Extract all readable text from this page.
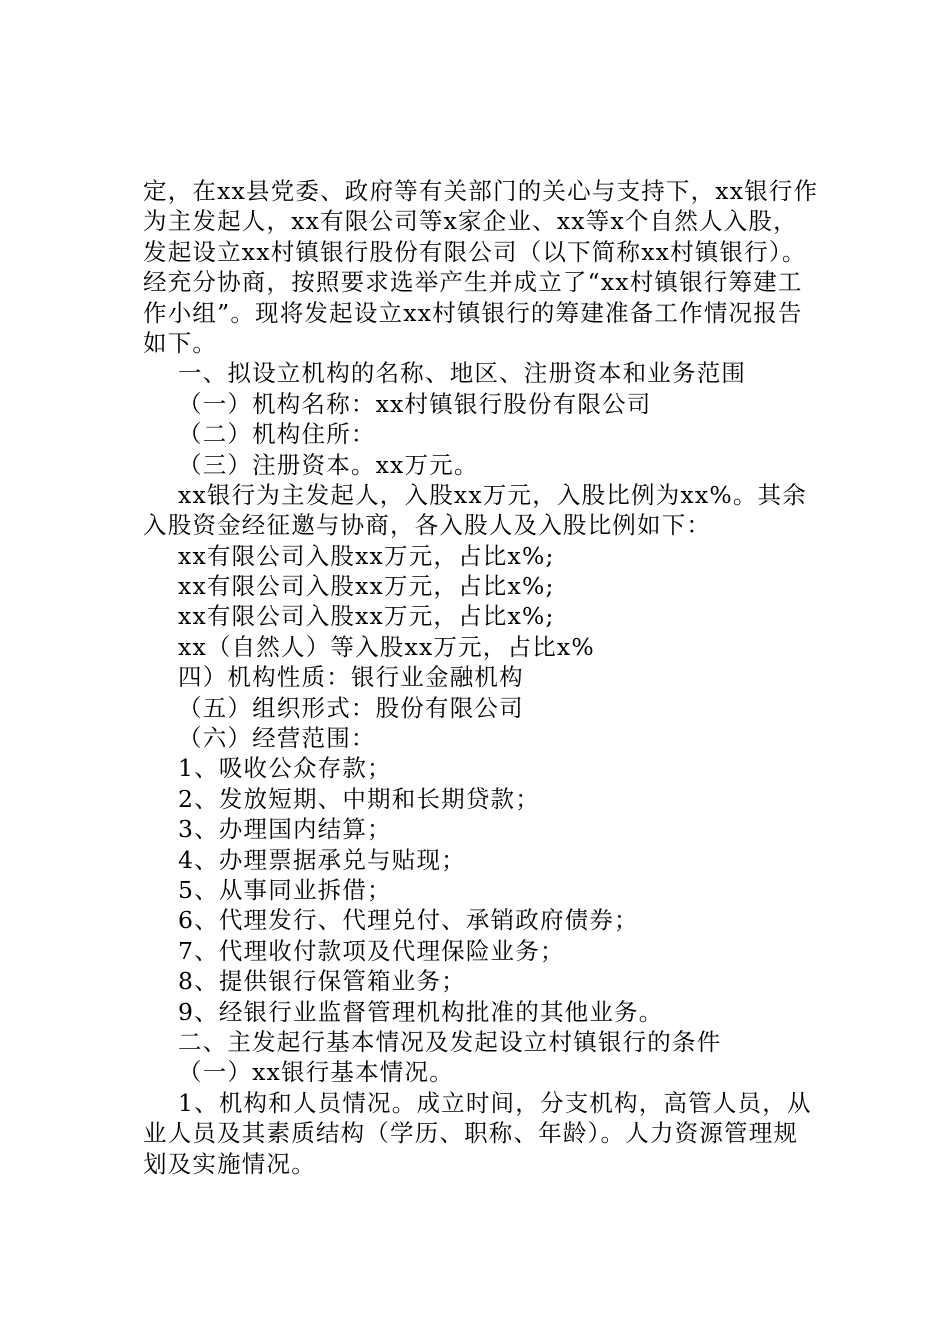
定，在xx县党委、政府等有关部门的关心与支持下，xx银行作
为主发起人，xx有限公司等x家企业、xx等x个自然人入股，
发起设立xx村镇银行股份有限公司（以下简称xx村镇银行）。
经充分协商，按照要求选举产生并成立了“xx村镇银行筹建工
作小组”。现将发起设立xx村镇银行的筹建准备工作情况报告
如下。
一、拟设立机构的名称、地区、注册资本和业务范围
（一）机构名称：xx村镇银行股份有限公司
（二）机构住所：
（三）注册资本。xx万元。
xx银行为主发起人，入股xx万元，入股比例为xx%。其余
入股资金经征邀与协商，各入股人及入股比例如下：
xx有限公司入股xx万元，占比x%;
xx有限公司入股xx万元，占比x%;
xx有限公司入股xx万元，占比x%;
xx（自然人）等入股xx万元，占比x%
四）机构性质：银行业金融机构
（五）组织形式：股份有限公司
（六）经营范围：
1、吸收公众存款；
2、发放短期、中期和长期贷款；
3、办理国内结算；
4、办理票据承兑与贴现；
5、从事同业拆借；
6、代理发行、代理兑付、承销政府债券；
7、代理收付款项及代理保险业务；
8、提供银行保管箱业务；
9、经银行业监督管理机构批准的其他业务。
二、主发起行基本情况及发起设立村镇银行的条件
（一）xx银行基本情况。
1、机构和人员情况。成立时间，分支机构，高管人员，从
业人员及其素质结构（学历、职称、年龄）。人力资源管理规
划及实施情况。
